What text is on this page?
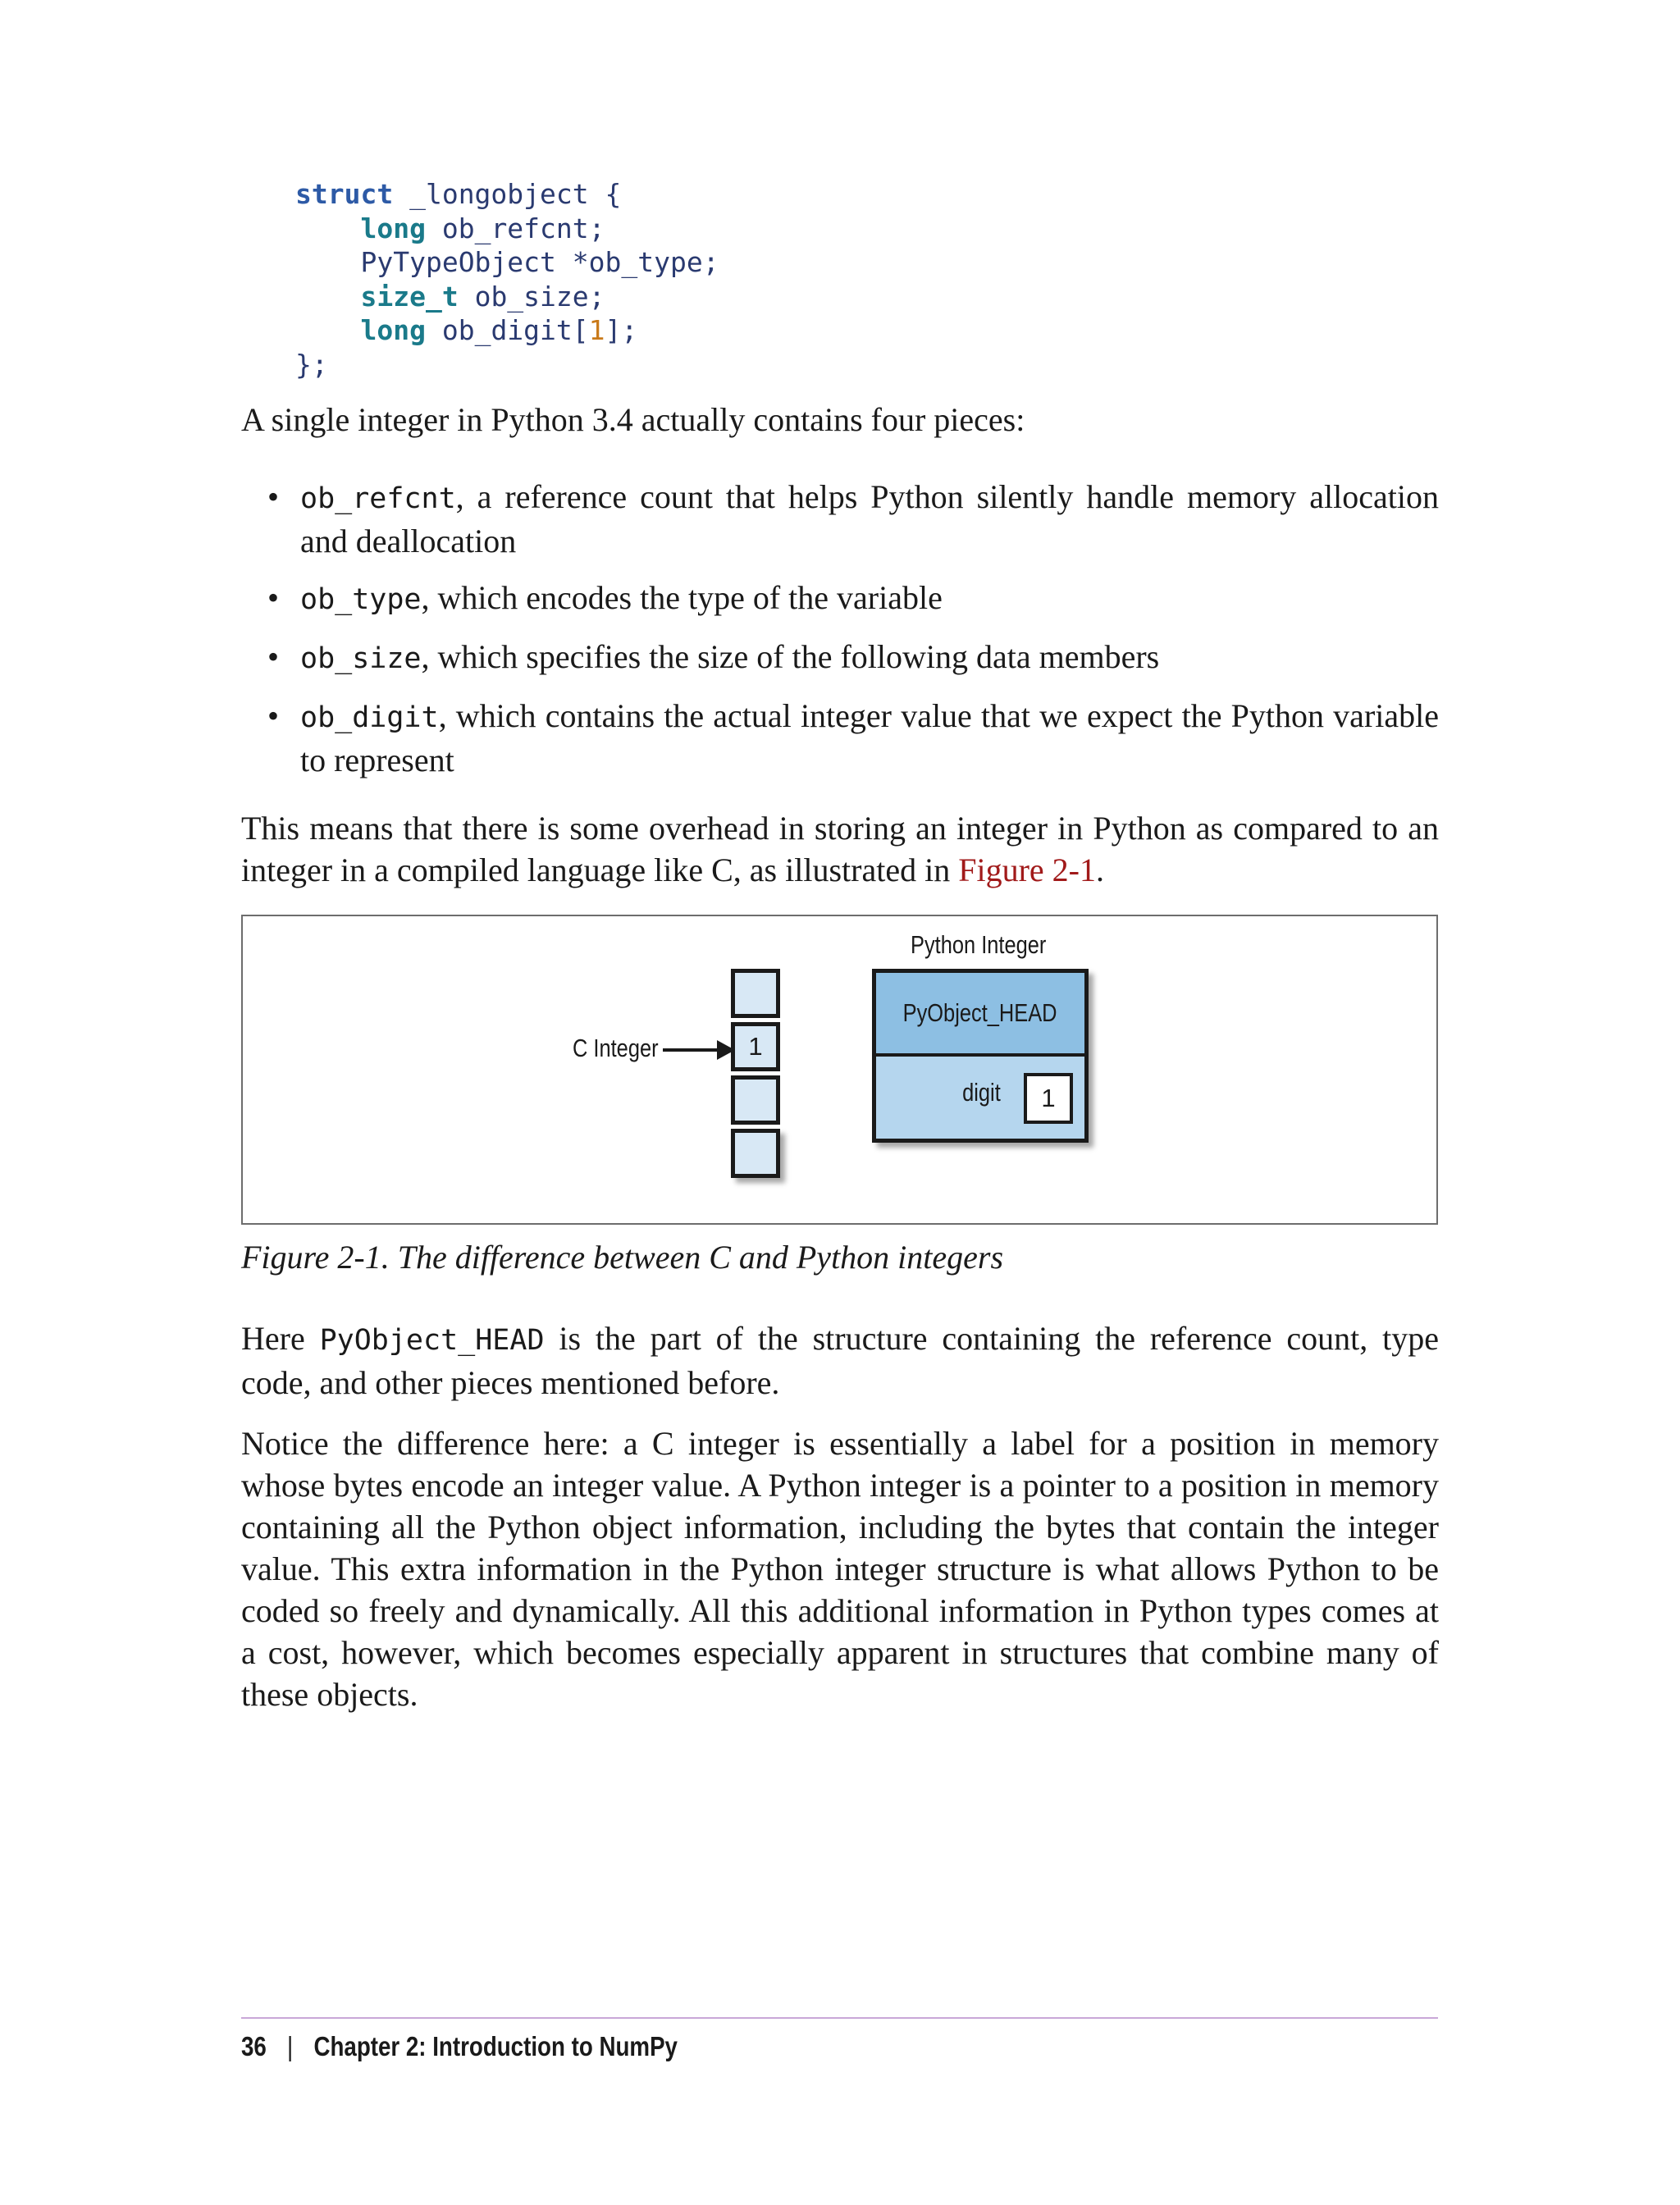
struct _longobject {
long ob_refcnt;
PyTypeObject *ob_type;
size_t ob_size;
long ob_digit[1];
};

A single integer in Python 3.4 actually contains four pieces:

• ob_refcnt, a reference count that helps Python silently handle memory allocation and deallocation
• ob_type, which encodes the type of the variable
• ob_size, which specifies the size of the following data members
• ob_digit, which contains the actual integer value that we expect the Python variable to represent

This means that there is some overhead in storing an integer in Python as compared to an integer in a compiled language like C, as illustrated in Figure 2-1.

Python Integer
C Integer	1
PyObject_HEAD
digit	1

Figure 2-1. The difference between C and Python integers

Here PyObject_HEAD is the part of the structure containing the reference count, type code, and other pieces mentioned before.

Notice the difference here: a C integer is essentially a label for a position in memory whose bytes encode an integer value. A Python integer is a pointer to a position in memory containing all the Python object information, including the bytes that contain the integer value. This extra information in the Python integer structure is what allows Python to be coded so freely and dynamically. All this additional information in Python types comes at a cost, however, which becomes especially apparent in structures that combine many of these objects.

36 | Chapter 2: Introduction to NumPy
